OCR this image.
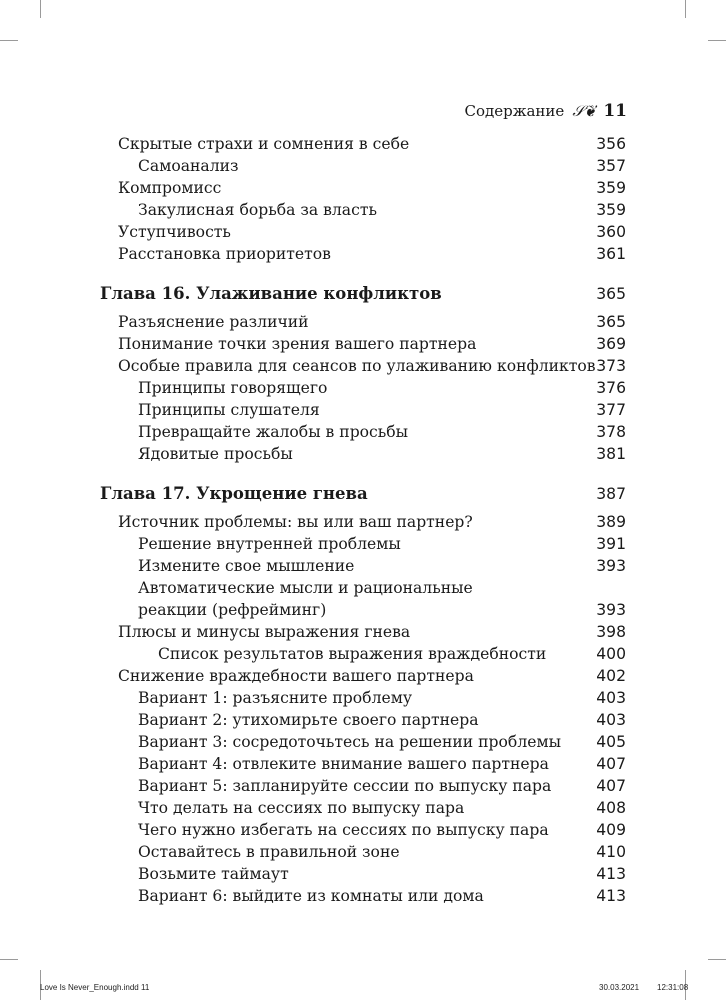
Содержание 𝒮❦ 11
Скрытые страхи и сомнения в себе	356
Самоанализ	357
Компромисс	359
Закулисная борьба за власть	359
Уступчивость	360
Расстановка приоритетов	361
Глава 16. Улаживание конфликтов	365
Разъяснение различий	365
Понимание точки зрения вашего партнера	369
Особые правила для сеансов по улаживанию конфликтов 373
Принципы говорящего	376
Принципы слушателя	377
Превращайте жалобы в просьбы	378
Ядовитые просьбы	381
Глава 17. Укрощение гнева	387
Источник проблемы: вы или ваш партнер?	389
Решение внутренней проблемы	391
Измените свое мышление	393
Автоматические мысли и рациональные
реакции (рефрейминг)	393
Плюсы и минусы выражения гнева	398
Список результатов выражения враждебности	400
Снижение враждебности вашего партнера	402
Вариант 1: разъясните проблему	403
Вариант 2: утихомирьте своего партнера	403
Вариант 3: сосредоточьтесь на решении проблемы 405
Вариант 4: отвлеките внимание вашего партнера	407
Вариант 5: запланируйте сессии по выпуску пара	407
Что делать на сессиях по выпуску пара	408
Чего нужно избегать на сессиях по выпуску пара	409
Оставайтесь в правильной зоне	410
Возьмите таймаут	413
Вариант 6: выйдите из комнаты или дома	413
Love Is Never_Enough.indd 11	30.03.2021 12:31:08
